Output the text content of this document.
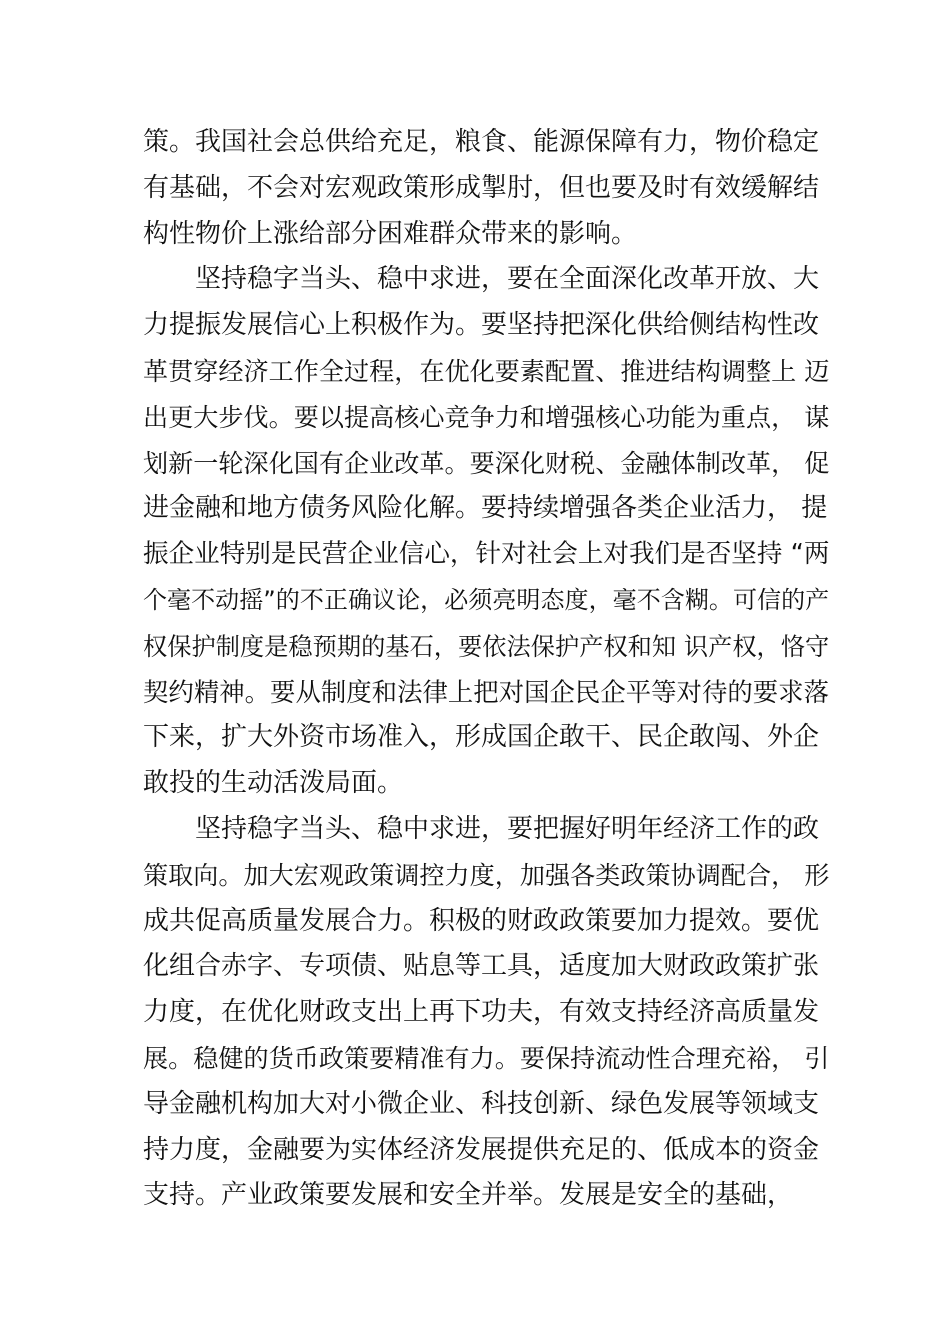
策。我国社会总供给充足，粮食、能源保障有力，物价稳定
有基础，不会对宏观政策形成掣肘，但也要及时有效缓解结
构性物价上涨给部分困难群众带来的影响。
坚持稳字当头、稳中求进，要在全面深化改革开放、大
力提振发展信心上积极作为。要坚持把深化供给侧结构性改
革贯穿经济工作全过程，在优化要素配置、推进结构调整上 迈
出更大步伐。要以提高核心竞争力和增强核心功能为重点， 谋
划新一轮深化国有企业改革。要深化财税、金融体制改革， 促
进金融和地方债务风险化解。要持续增强各类企业活力， 提
振企业特别是民营企业信心，针对社会上对我们是否坚持 “两
个毫不动摇”的不正确议论，必须亮明态度，毫不含糊。可信的产
权保护制度是稳预期的基石，要依法保护产权和知 识产权，恪守
契约精神。要从制度和法律上把对国企民企平等对待的要求落
下来，扩大外资市场准入，形成国企敢干、民企敢闯、外企
敢投的生动活泼局面。
坚持稳字当头、稳中求进，要把握好明年经济工作的政
策取向。加大宏观政策调控力度，加强各类政策协调配合， 形
成共促高质量发展合力。积极的财政政策要加力提效。要优
化组合赤字、专项债、贴息等工具，适度加大财政政策扩张
力度，在优化财政支出上再下功夫，有效支持经济高质量发
展。稳健的货币政策要精准有力。要保持流动性合理充裕， 引
导金融机构加大对小微企业、科技创新、绿色发展等领域支
持力度，金融要为实体经济发展提供充足的、低成本的资金
支持。产业政策要发展和安全并举。发展是安全的基础，
